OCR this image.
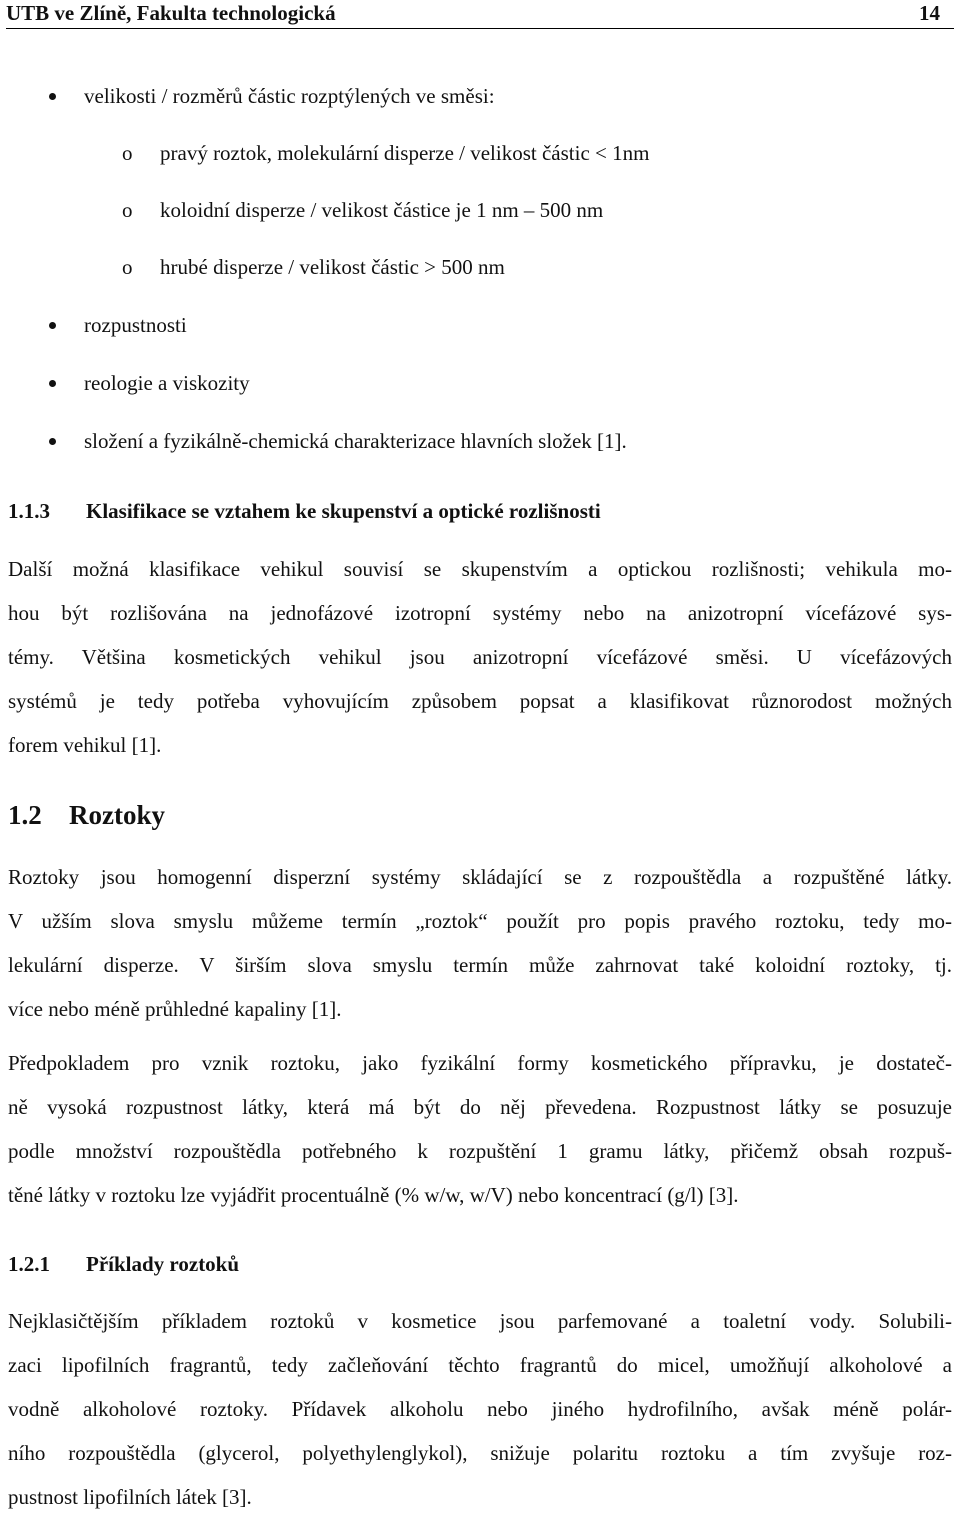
UTB ve Zlíně, Fakulta technologická	14
velikosti / rozměrů částic rozptýlených ve směsi:
o pravý roztok, molekulární disperze / velikost částic < 1nm
o koloidní disperze / velikost částice je 1 nm – 500 nm
o hrubé disperze / velikost částic > 500 nm
rozpustnosti
reologie a viskozity
složení a fyzikálně-chemická charakterizace hlavních složek [1].
1.1.3 Klasifikace se vztahem ke skupenství a optické rozlišnosti
Další možná klasifikace vehikul souvisí se skupenstvím a optickou rozlišnosti; vehikula mo-
hou být rozlišována na jednofázové izotropní systémy nebo na anizotropní vícefázové sys-
témy. Většina kosmetických vehikul jsou anizotropní vícefázové směsi. U vícefázových
systémů je tedy potřeba vyhovujícím způsobem popsat a klasifikovat různorodost možných
forem vehikul [1].
1.2 Roztoky
Roztoky jsou homogenní disperzní systémy skládající se z rozpouštědla a rozpuštěné látky.
V užším slova smyslu můžeme termín „roztok“ použít pro popis pravého roztoku, tedy mo-
lekulární disperze. V širším slova smyslu termín může zahrnovat také koloidní roztoky, tj.
více nebo méně průhledné kapaliny [1].
Předpokladem pro vznik roztoku, jako fyzikální formy kosmetického přípravku, je dostateč-
ně vysoká rozpustnost látky, která má být do něj převedena. Rozpustnost látky se posuzuje
podle množství rozpouštědla potřebného k rozpuštění 1 gramu látky, přičemž obsah rozpuš-
těné látky v roztoku lze vyjádřit procentuálně (% w/w, w/V) nebo koncentrací (g/l) [3].
1.2.1 Příklady roztoků
Nejklasičtějším příkladem roztoků v kosmetice jsou parfemované a toaletní vody. Solubili-
zaci lipofilních fragrantů, tedy začleňování těchto fragrantů do micel, umožňují alkoholové a
vodně alkoholové roztoky. Přídavek alkoholu nebo jiného hydrofilního, avšak méně polár-
ního rozpouštědla (glycerol, polyethylenglykol), snižuje polaritu roztoku a tím zvyšuje roz-
pustnost lipofilních látek [3].
